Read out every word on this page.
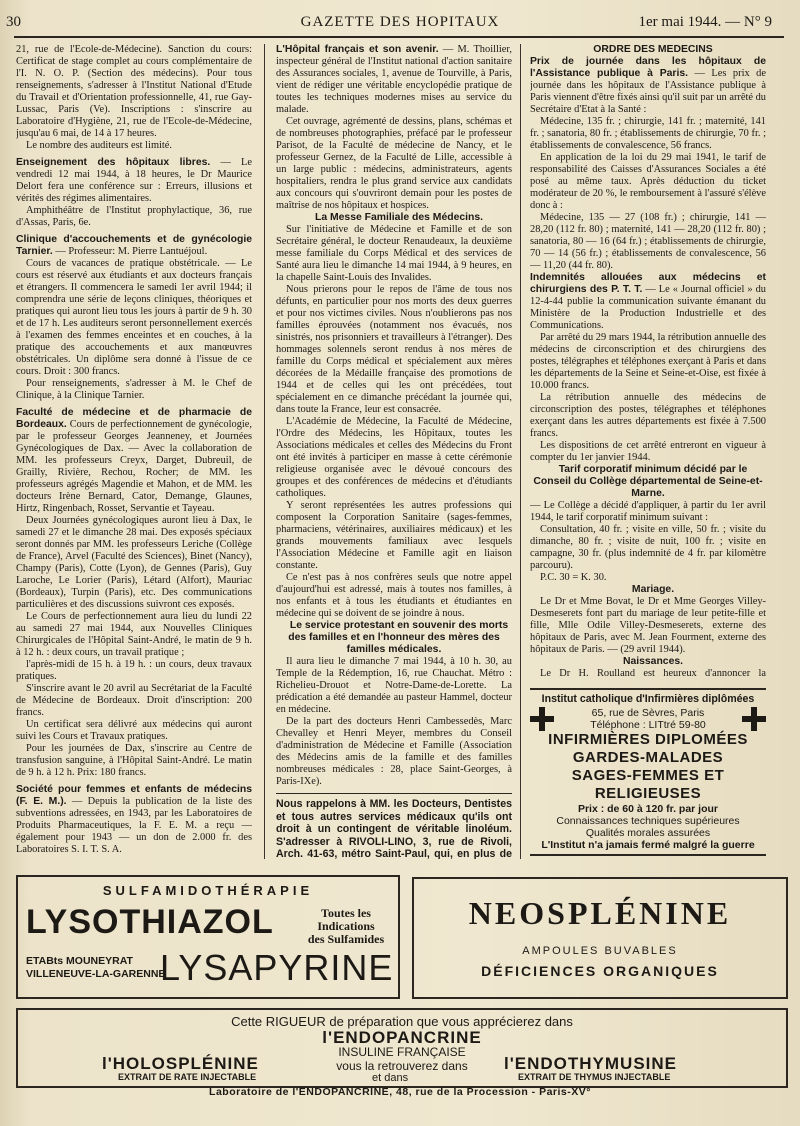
30	GAZETTE DES HOPITAUX	1er mai 1944. — N° 9

21, rue de l'Ecole-de-Médecine). Sanction du cours: Certificat de stage complet au cours complémentaire de l'I. N. O. P. (Section des médecins). Pour tous renseignements, s'adresser à l'Institut National d'Etude du Travail et d'Orientation professionnelle, 41, rue Gay-Lussac, Paris (Ve). Inscriptions : s'inscrire au Laboratoire d'Hygiène, 21, rue de l'Ecole-de-Médecine, jusqu'au 6 mai, de 14 à 17 heures.

Le nombre des auditeurs est limité.

Enseignement des hôpitaux libres. — Le vendredi 12 mai 1944, à 18 heures, le Dr Maurice Delort fera une conférence sur : Erreurs, illusions et vérités des régimes alimentaires.

Amphithéâtre de l'Institut prophylactique, 36, rue d'Assas, Paris, 6e.

Clinique d'accouchements et de gynécologie Tarnier. — Professeur: M. Pierre Lantuéjoul.

Cours de vacances de pratique obstétricale. — Le cours est réservé aux étudiants et aux docteurs français et étrangers. Il commencera le samedi 1er avril 1944; il comprendra une série de leçons cliniques, théoriques et pratiques qui auront lieu tous les jours à partir de 9 h. 30 et de 17 h. Les auditeurs seront personnellement exercés à l'examen des femmes enceintes et en couches, à la pratique des accouchements et aux manœuvres obstétricales. Un diplôme sera donné à l'issue de ce cours. Droit : 300 francs.

Pour renseignements, s'adresser à M. le Chef de Clinique, à la Clinique Tarnier.

Faculté de médecine et de pharmacie de Bordeaux. Cours de perfectionnement de gynécologie, par le professeur Georges Jeanneney, et Journées Gynécologiques de Dax. — Avec la collaboration de MM. les professeurs Creyx, Darget, Dubreuil, de Grailly, Rivière, Rechou, Rocher; de MM. les professeurs agrégés Magendie et Mahon, et de MM. les docteurs Irène Bernard, Cator, Demange, Glaunes, Hirtz, Ringenbach, Rosset, Servantie et Tayeau.

Deux Journées gynécologiques auront lieu à Dax, le samedi 27 et le dimanche 28 mai. Des exposés spéciaux seront donnés par MM. les professeurs Leriche (Collège de France), Arvel (Faculté des Sciences), Binet (Nancy), Champy (Paris), Cotte (Lyon), de Gennes (Paris), Guy Laroche, Le Lorier (Paris), Létard (Alfort), Mauriac (Bordeaux), Turpin (Paris), etc. Des communications particulières et des discussions suivront ces exposés.

Le Cours de perfectionnement aura lieu du lundi 22 au samedi 27 mai 1944, aux Nouvelles Cliniques Chirurgicales de l'Hôpital Saint-André, le matin de 9 h. à 12 h. : deux cours, un travail pratique ;

l'après-midi de 15 h. à 19 h. : un cours, deux travaux pratiques.

S'inscrire avant le 20 avril au Secrétariat de la Faculté de Médecine de Bordeaux. Droit d'inscription: 200 francs.

Un certificat sera délivré aux médecins qui auront suivi les Cours et Travaux pratiques.

Pour les journées de Dax, s'inscrire au Centre de transfusion sanguine, à l'Hôpital Saint-André. Le matin de 9 h. à 12 h. Prix: 180 francs.

Société pour femmes et enfants de médecins (F. E. M.). — Depuis la publication de la liste des subventions adressées, en 1943, par les Laboratoires de Produits Pharmaceutiques, la F. E. M. a reçu — également pour 1943 — un don de 2.000 fr. des Laboratoires S. I. T. S. A.

L'Hôpital français et son avenir. — M. Thoillier, inspecteur général de l'Institut national d'action sanitaire des Assurances sociales, 1, avenue de Tourville, à Paris, vient de rédiger une véritable encyclopédie pratique de toutes les techniques modernes mises au service du malade.

Cet ouvrage, agrémenté de dessins, plans, schémas et de nombreuses photographies, préfacé par le professeur Parisot, de la Faculté de médecine de Nancy, et le professeur Gernez, de la Faculté de Lille, accessible à un large public : médecins, administrateurs, agents hospitaliers, rendra le plus grand service aux candidats aux concours qui s'ouvriront demain pour les postes de maîtrise de nos hôpitaux et hospices.

La Messe Familiale des Médecins.

Sur l'initiative de Médecine et Famille et de son Secrétaire général, le docteur Renaudeaux, la deuxième messe familiale du Corps Médical et des services de Santé aura lieu le dimanche 14 mai 1944, à 9 heures, en la chapelle Saint-Louis des Invalides.

Nous prierons pour le repos de l'âme de tous nos défunts, en particulier pour nos morts des deux guerres et pour nos victimes civiles. Nous n'oublierons pas nos familles éprouvées (notamment nos évacués, nos sinistrés, nos prisonniers et travailleurs à l'étranger). Des hommages solennels seront rendus à nos mères de famille du Corps médical et spécialement aux mères décorées de la Médaille française des promotions de 1944 et de celles qui les ont précédées, tout spécialement en ce dimanche précédant la journée qui, dans toute la France, leur est consacrée.

L'Académie de Médecine, la Faculté de Médecine, l'Ordre des Médecins, les Hôpitaux, toutes les Associations médicales et celles des Médecins du Front ont été invités à participer en masse à cette cérémonie religieuse organisée avec le dévoué concours des groupes et des conférences de médecins et d'étudiants catholiques.

Y seront représentées les autres professions qui composent la Corporation Sanitaire (sages-femmes, pharmaciens, vétérinaires, auxiliaires médicaux) et les grands mouvements familiaux avec lesquels l'Association Médecine et Famille agit en liaison constante.

Ce n'est pas à nos confrères seuls que notre appel d'aujourd'hui est adressé, mais à toutes nos familles, à nos enfants et à tous les étudiants et étudiantes en médecine qui se doivent de se joindre à nous.

Le service protestant en souvenir des morts des familles et en l'honneur des mères des familles médicales.

Il aura lieu le dimanche 7 mai 1944, à 10 h. 30, au Temple de la Rédemption, 16, rue Chauchat. Métro : Richelieu-Drouot et Notre-Dame-de-Lorette. La prédication a été demandée au pasteur Hammel, docteur en médecine.

De la part des docteurs Henri Cambessedès, Marc Chevalley et Henri Meyer, membres du Conseil d'administration de Médecine et Famille (Association des Médecins amis de la famille et des familles nombreuses médicales : 28, place Saint-Georges, à Paris-IXe).

Nous rappelons à MM. les Docteurs, Dentistes et tous autres services médicaux qu'ils ont droit à un contingent de véritable linoléum. S'adresser à RIVOLI-LINO, 3, rue de Rivoli, Arch. 41-63, métro Saint-Paul, qui, en plus de

ORDRE DES MEDECINS

Prix de journée dans les hôpitaux de l'Assistance publique à Paris. — Les prix de journée dans les hôpitaux de l'Assistance publique à Paris viennent d'être fixés ainsi qu'il suit par un arrêté du Secrétaire d'Etat à la Santé :

Médecine, 135 fr. ; chirurgie, 141 fr. ; maternité, 141 fr. ; sanatoria, 80 fr. ; établissements de chirurgie, 70 fr. ; établissements de convalescence, 56 francs.

En application de la loi du 29 mai 1941, le tarif de responsabilité des Caisses d'Assurances Sociales a été posé au même taux. Après déduction du ticket modérateur de 20 %, le remboursement à l'assuré s'élève donc à :

Médecine, 135 — 27 (108 fr.) ; chirurgie, 141 — 28,20 (112 fr. 80) ; maternité, 141 — 28,20 (112 fr. 80) ; sanatoria, 80 — 16 (64 fr.) ; établissements de chirurgie, 70 — 14 (56 fr.) ; établissements de convalescence, 56 — 11,20 (44 fr. 80).

Indemnités allouées aux médecins et chirurgiens des P. T. T. — Le « Journal officiel » du 12-4-44 publie la communication suivante émanant du Ministère de la Production Industrielle et des Communications.

Par arrêté du 29 mars 1944, la rétribution annuelle des médecins de circonscription et des chirurgiens des postes, télégraphes et téléphones exerçant à Paris et dans les départements de la Seine et Seine-et-Oise, est fixée à 10.000 francs.

La rétribution annuelle des médecins de circonscription des postes, télégraphes et téléphones exerçant dans les autres départements est fixée à 7.500 francs.

Les dispositions de cet arrêté entreront en vigueur à compter du 1er janvier 1944.

Tarif corporatif minimum décidé par le Conseil du Collège départemental de Seine-et-Marne.

— Le Collège a décidé d'appliquer, à partir du 1er avril 1944, le tarif corporatif minimum suivant :

Consultation, 40 fr. ; visite en ville, 50 fr. ; visite du dimanche, 80 fr. ; visite de nuit, 100 fr. ; visite en campagne, 30 fr. (plus indemnité de 4 fr. par kilomètre parcouru).

P.C. 30 = K. 30.

Mariage.

Le Dr et Mme Bovat, le Dr et Mme Georges Villey-Desmeserets font part du mariage de leur petite-fille et fille, Mlle Odile Villey-Desmeserets, externe des hôpitaux de Paris, avec M. Jean Fourment, externe des hôpitaux de Paris. — (29 avril 1944).

Naissances.

Le Dr H. Roulland est heureux d'annoncer la

Institut catholique d'Infirmières diplômées
65, rue de Sèvres, Paris
Téléphone : LITtré 59-80
INFIRMIÈRES DIPLOMÉES
GARDES-MALADES
SAGES-FEMMES ET RELIGIEUSES
Prix : de 60 à 120 fr. par jour
Connaissances techniques supérieures
Qualités morales assurées
L'Institut n'a jamais fermé malgré la guerre
SULFAMIDOTHÉRAPIE
LYSOTHIAZOL	Toutes les
Indications
des Sulfamides
ETABts MOUNEYRAT
VILLENEUVE-LA-GARENNE
LYSAPYRINE
NEOSPLÉNINE
AMPOULES BUVABLES
DÉFICIENCES ORGANIQUES
Cette RIGUEUR de préparation que vous apprécierez dans
l'ENDOPANCRINE
INSULINE FRANÇAISE
vous la retrouverez dans
l'HOLOSPLÉNINE
EXTRAIT DE RATE INJECTABLE	et dans
l'ENDOTHYMUSINE
EXTRAIT DE THYMUS INJECTABLE
Laboratoire de l'ENDOPANCRINE, 48, rue de la Procession - Paris-XV°
